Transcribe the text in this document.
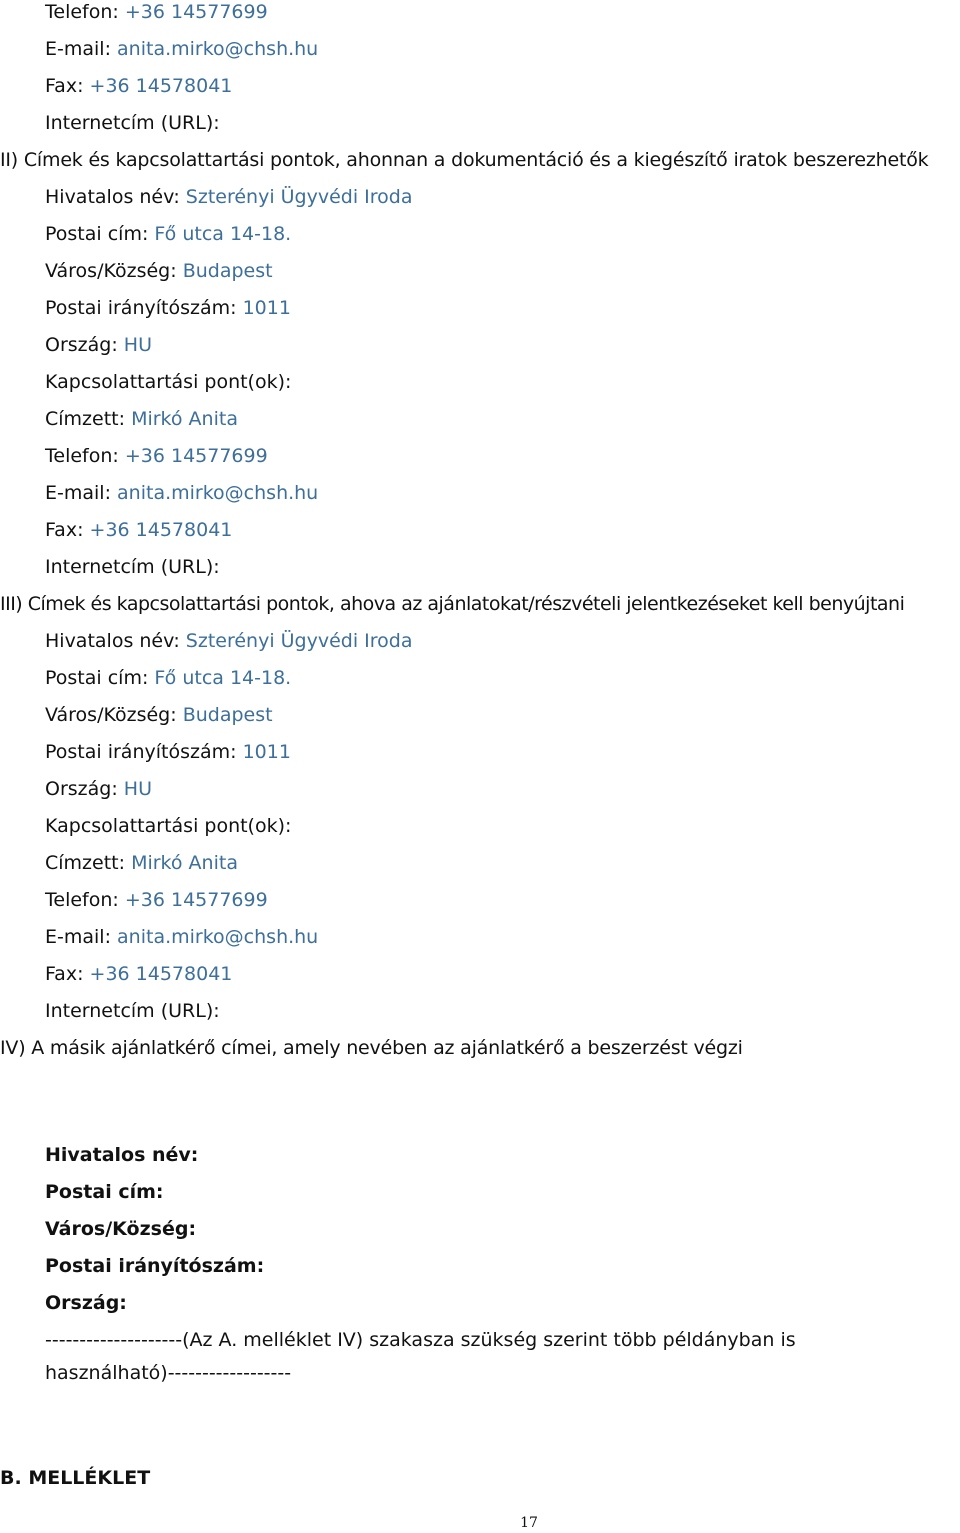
Telefon: +36 14577699
E-mail: anita.mirko@chsh.hu
Fax: +36 14578041
Internetcím (URL):
II) Címek és kapcsolattartási pontok, ahonnan a dokumentáció és a kiegészítő iratok beszerezhetők
Hivatalos név: Szterényi Ügyvédi Iroda
Postai cím: Fő utca 14-18.
Város/Község: Budapest
Postai irányítószám: 1011
Ország: HU
Kapcsolattartási pont(ok):
Címzett: Mirkó Anita
Telefon: +36 14577699
E-mail: anita.mirko@chsh.hu
Fax: +36 14578041
Internetcím (URL):
III) Címek és kapcsolattartási pontok, ahova az ajánlatokat/részvételi jelentkezéseket kell benyújtani
Hivatalos név: Szterényi Ügyvédi Iroda
Postai cím: Fő utca 14-18.
Város/Község: Budapest
Postai irányítószám: 1011
Ország: HU
Kapcsolattartási pont(ok):
Címzett: Mirkó Anita
Telefon: +36 14577699
E-mail: anita.mirko@chsh.hu
Fax: +36 14578041
Internetcím (URL):
IV) A másik ajánlatkérő címei, amely nevében az ajánlatkérő a beszerzést végzi
Hivatalos név:
Postai cím:
Város/Község:
Postai irányítószám:
Ország:
--------------------(Az A. melléklet IV) szakasza szükség szerint több példányban is
használható)------------------
B. MELLÉKLET
17
